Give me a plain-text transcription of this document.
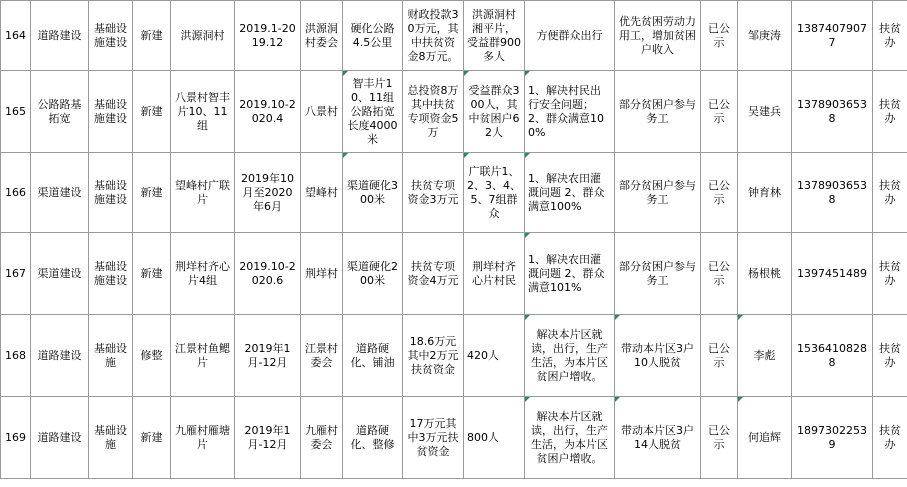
164	道路建设	基础设施建设	新建	洪源洞村	2019.1-2019.12	洪源洞村委会	硬化公路4.5公里	财政投款30万元，其中扶贫资金8万元。	洪源洞村湘平片，受益群900多人	方便群众出行	优先贫困劳动力用工，增加贫困户收入	已公示	邹庚涛	13874079077	扶贫办
165	公路路基拓宽	基础设施建设	新建	八景村智丰片10、11组	2019.10-2020.4	八景村	智丰片10、11组公路拓宽长度4000米	总投资8万其中扶贫专项资金5万	受益群众300人，其中贫困户62人	1、解决村民出行安全问题；2、群众满意100%	部分贫困户参与务工	已公示	吴建兵	13789036538	扶贫办
166	渠道建设	基础设施建设	新建	望峰村广联片	2019年10月至2020年6月	望峰村	渠道硬化300米	扶贫专项资金3万元	广联片1、2、3、4、5、7组群众	1、解决农田灌溉问题 2、群众满意100%	部分贫困户参与务工	已公示	钟育林	13789036538	扶贫办
167	渠道建设	基础设施建设	新建	荆垟村齐心片4组	2019.10-2020.6	荆垟村	渠道硬化200米	扶贫专项资金4万元	荆垟村齐心片村民	1、解决农田灌溉问题 2、群众满意101%	部分贫困户参与务工	已公示	杨根桃	1397451489	扶贫办
168	道路建设	基础设施	修整	江景村鱼鳃片	2019年1月-12月	江景村委会	道路硬化、铺油	18.6万元其中2万元扶贫资金	420人	解决本片区就读，出行，生产生活，为本片区贫困户增收。	带动本片区3户10人脱贫	已公示	李彪	15364108288	扶贫办
169	道路建设	基础设施	新建	九雁村雁塘片	2019年1月-12月	九雁村委会	道路硬化、整修	17万元其中3万元扶贫资金	800人	解决本片区就读，出行，生产生活，为本片区贫困户增收。	带动本片区3户14人脱贫	已公示	何追辉	18973022539	扶贫办
